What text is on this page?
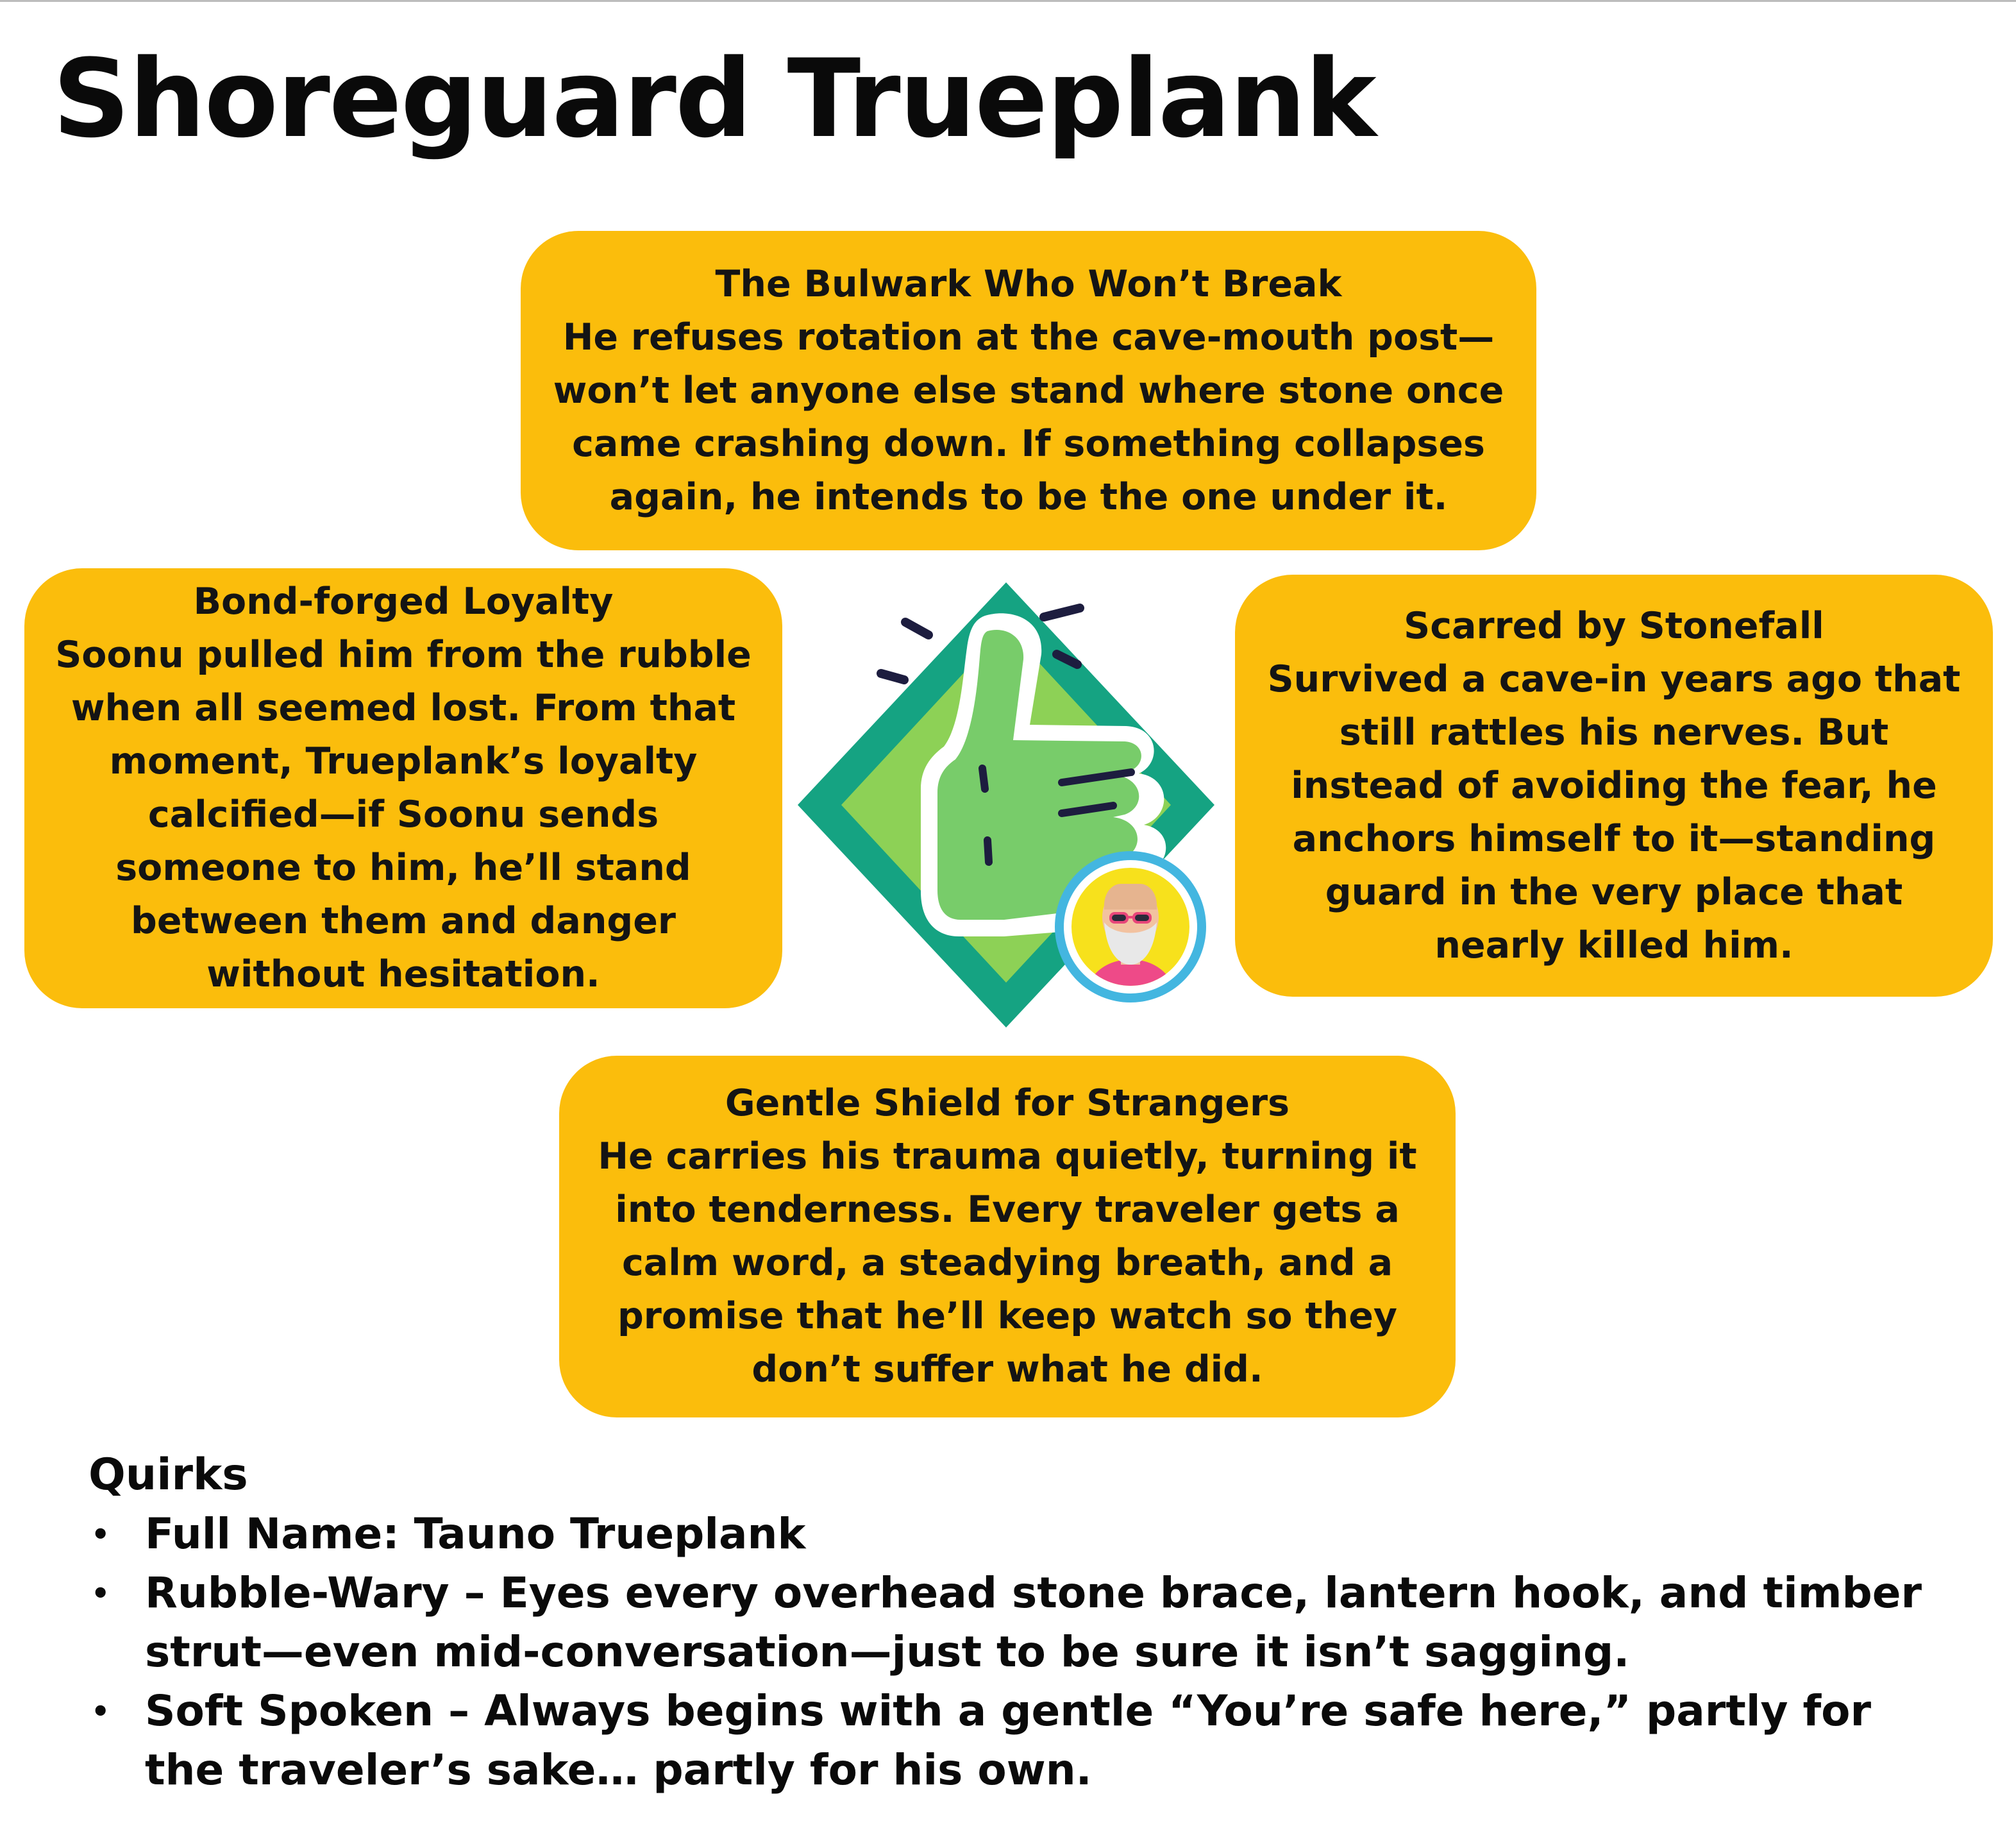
Shoreguard Trueplank
The Bulwark Who Won’t Break
He refuses rotation at the cave-mouth post—won’t let anyone else stand where stone once came crashing down. If something collapses again, he intends to be the one under it.
Bond-forged Loyalty
Soonu pulled him from the rubble when all seemed lost. From that moment, Trueplank’s loyalty calcified—if Soonu sends someone to him, he’ll stand between them and danger without hesitation.
Scarred by Stonefall
Survived a cave-in years ago that still rattles his nerves. But instead of avoiding the fear, he anchors himself to it—standing guard in the very place that nearly killed him.
Gentle Shield for Strangers
He carries his trauma quietly, turning it into tenderness. Every traveler gets a calm word, a steadying breath, and a promise that he’ll keep watch so they don’t suffer what he did.

Quirks

• Full Name: Tauno Trueplank
• Rubble-Wary – Eyes every overhead stone brace, lantern hook, and timber strut—even mid-conversation—just to be sure it isn’t sagging.
• Soft Spoken – Always begins with a gentle “You’re safe here,” partly for the traveler’s sake… partly for his own.
